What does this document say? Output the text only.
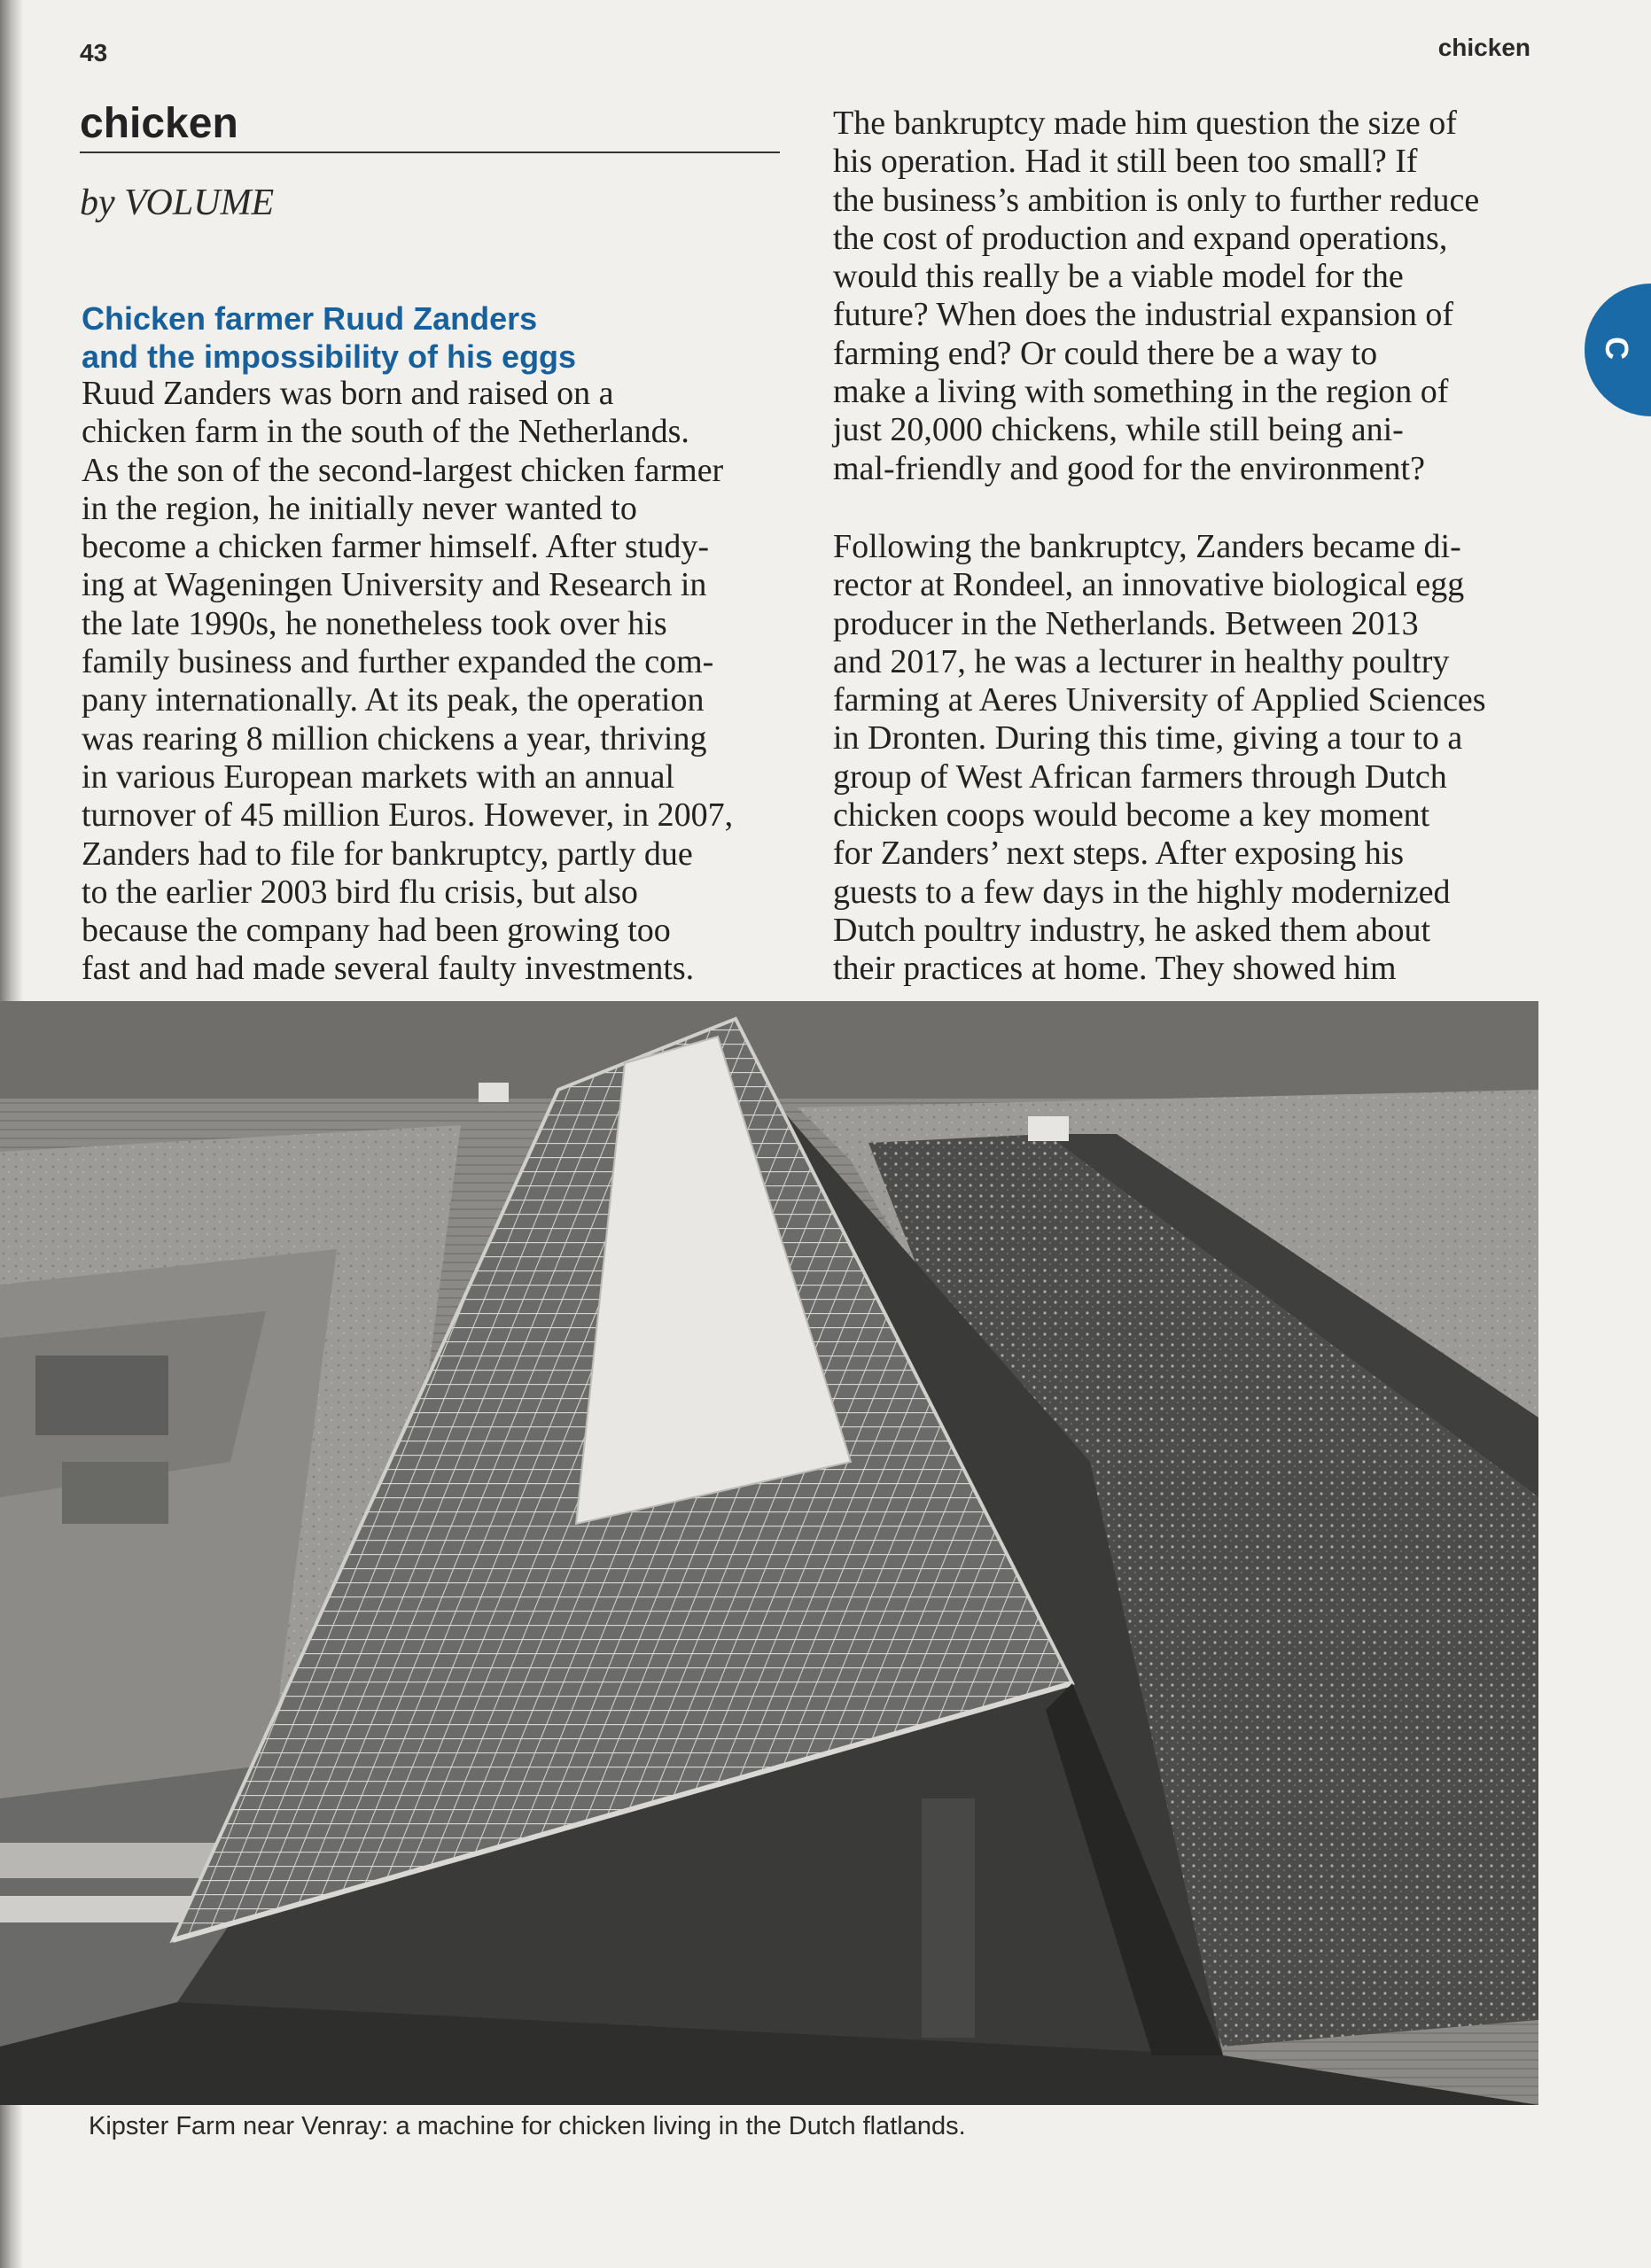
43	chicken
C
chicken
by VOLUME
Chicken farmer Ruud Zanders
and the impossibility of his eggs
Ruud Zanders was born and raised on a
chicken farm in the south of the Netherlands.
As the son of the second-largest chicken farmer
in the region, he initially never wanted to
become a chicken farmer himself. After study-
ing at Wageningen University and Research in
the late 1990s, he nonetheless took over his
family business and further expanded the com-
pany internationally. At its peak, the operation
was rearing 8 million chickens a year, thriving
in various European markets with an annual
turnover of 45 million Euros. However, in 2007,
Zanders had to file for bankruptcy, partly due
to the earlier 2003 bird flu crisis, but also
because the company had been growing too
fast and had made several faulty investments.
The bankruptcy made him question the size of
his operation. Had it still been too small? If
the business’s ambition is only to further reduce
the cost of production and expand operations,
would this really be a viable model for the
future? When does the industrial expansion of
farming end? Or could there be a way to
make a living with something in the region of
just 20,000 chickens, while still being ani-
mal-friendly and good for the environment?
Following the bankruptcy, Zanders became di-
rector at Rondeel, an innovative biological egg
producer in the Netherlands. Between 2013
and 2017, he was a lecturer in healthy poultry
farming at Aeres University of Applied Sciences
in Dronten. During this time, giving a tour to a
group of West African farmers through Dutch
chicken coops would become a key moment
for Zanders’ next steps. After exposing his
guests to a few days in the highly modernized
Dutch poultry industry, he asked them about
their practices at home. They showed him
Kipster Farm near Venray: a machine for chicken living in the Dutch flatlands.
